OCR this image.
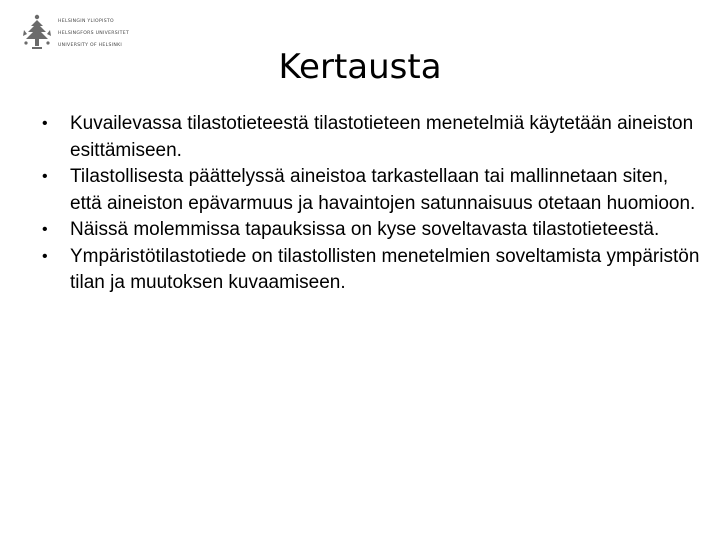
HELSINGIN YLIOPISTO
HELSINGFORS UNIVERSITET
UNIVERSITY OF HELSINKI
Kertausta
•	Kuvailevassa tilastotieteestä tilastotieteen menetelmiä käytetään aineiston esittämiseen.
•	Tilastollisesta päättelyssä aineistoa tarkastellaan tai mallinnetaan siten, että aineiston epävarmuus ja havaintojen satunnaisuus otetaan huomioon.
•	Näissä molemmissa tapauksissa on kyse soveltavasta tilastotieteestä.
•	Ympäristötilastotiede on tilastollisten menetelmien soveltamista ympäristön tilan ja muutoksen kuvaamiseen.
